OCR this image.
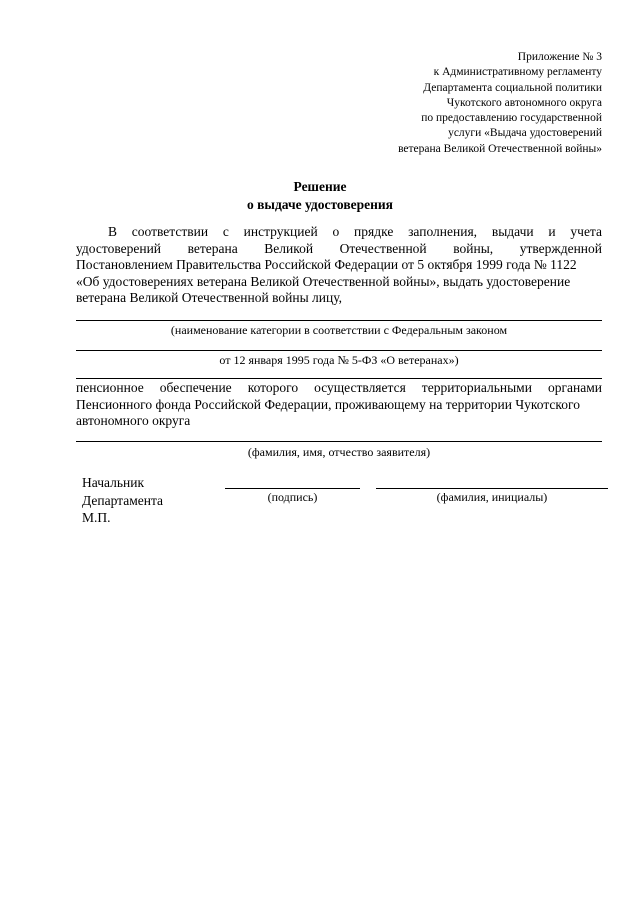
Приложение № 3
к Административному регламенту
Департамента социальной политики
Чукотского автономного округа
по предоставлению государственной
услуги «Выдача удостоверений
ветерана Великой Отечественной войны»
Решение
о выдаче удостоверения
В соответствии с инструкцией о прядке заполнения, выдачи и учета
удостоверений ветерана Великой Отечественной войны, утвержденной
Постановлением Правительства Российской Федерации от 5 октября 1999 года № 1122
«Об удостоверениях ветерана Великой Отечественной войны», выдать удостоверение
ветерана Великой Отечественной войны лицу,
(наименование категории в соответствии с Федеральным законом
от 12 января 1995 года № 5-ФЗ «О ветеранах»)
пенсионное обеспечение которого осуществляется территориальными органами
Пенсионного фонда Российской Федерации, проживающему на территории Чукотского
автономного округа
(фамилия, имя, отчество заявителя)
Начальник
Департамента
М.П.
(подпись)	(фамилия, инициалы)
